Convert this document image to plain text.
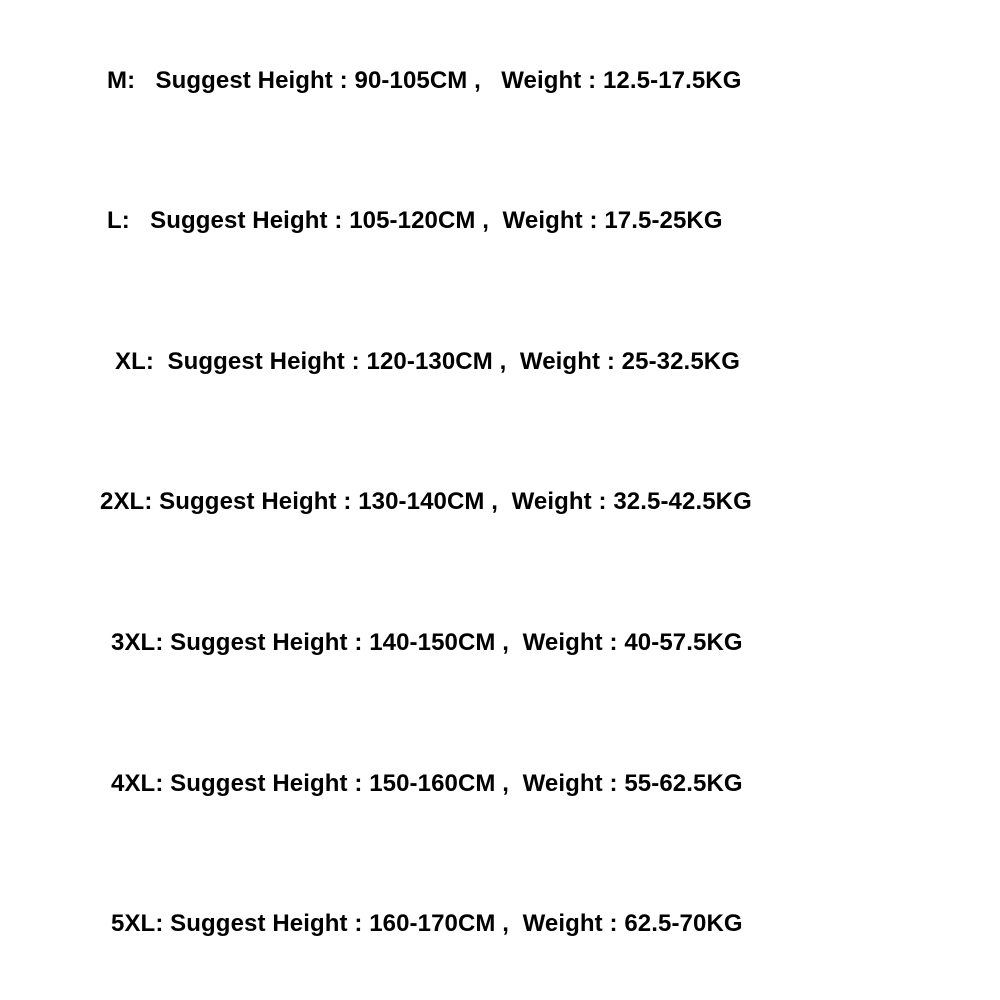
M:   Suggest Height : 90-105CM ,   Weight : 12.5-17.5KG
L:   Suggest Height : 105-120CM ,  Weight : 17.5-25KG
XL:  Suggest Height : 120-130CM ,  Weight : 25-32.5KG
2XL: Suggest Height : 130-140CM ,  Weight : 32.5-42.5KG
3XL: Suggest Height : 140-150CM ,  Weight : 40-57.5KG
4XL: Suggest Height : 150-160CM ,  Weight : 55-62.5KG
5XL: Suggest Height : 160-170CM ,  Weight : 62.5-70KG
